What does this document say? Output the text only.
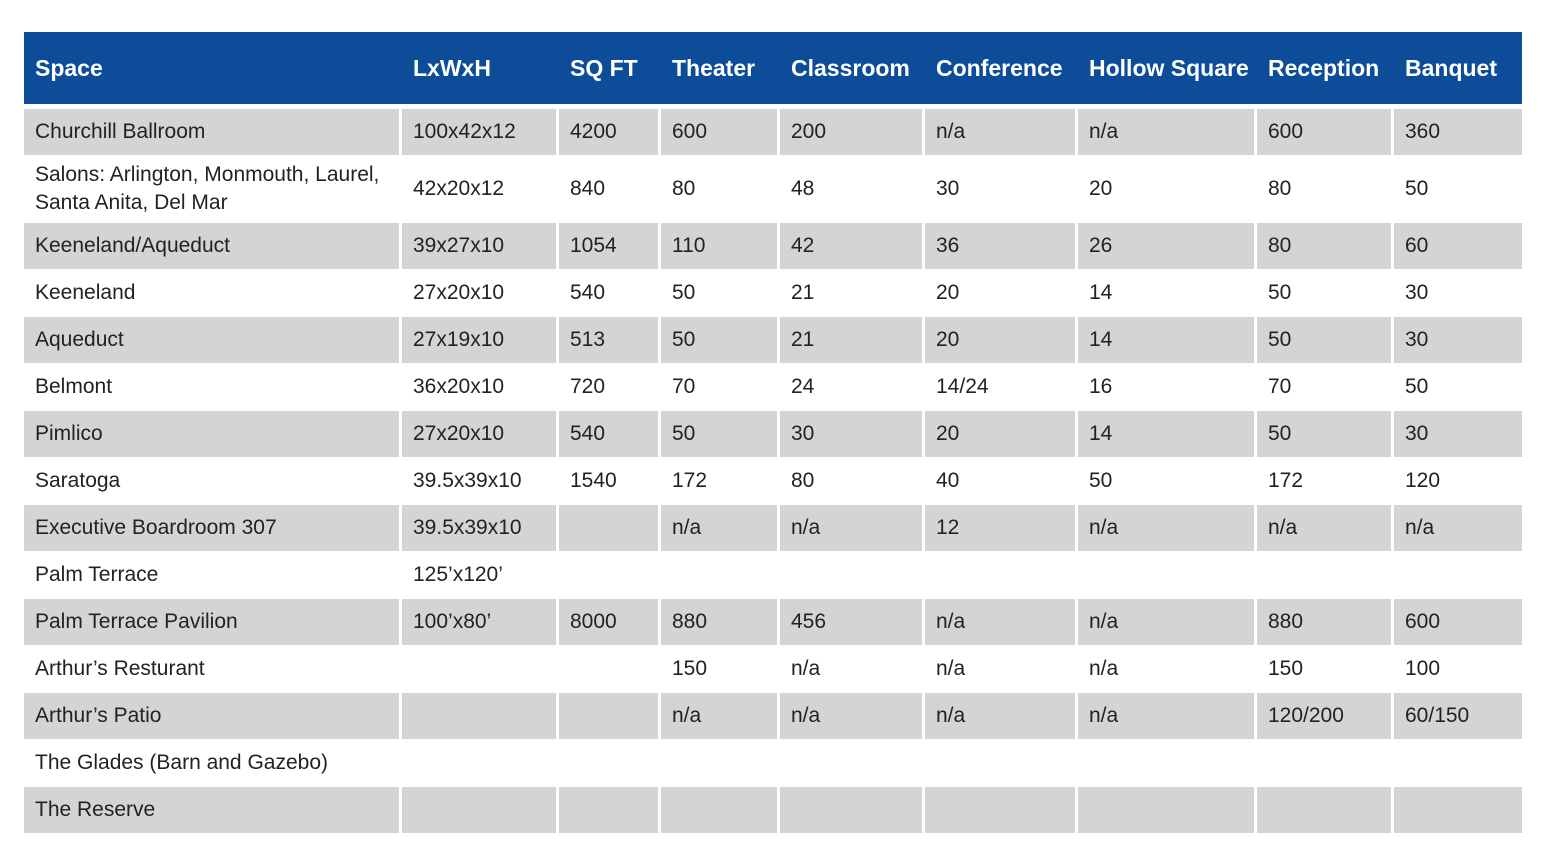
Space	LxWxH	SQ FT	Theater	Classroom	Conference	Hollow Square	Reception	Banquet
Churchill Ballroom	100x42x12	4200	600	200	n/a	n/a	600	360
Salons: Arlington, Monmouth, Laurel, Santa Anita, Del Mar	42x20x12	840	80	48	30	20	80	50
Keeneland/Aqueduct	39x27x10	1054	110	42	36	26	80	60
Keeneland	27x20x10	540	50	21	20	14	50	30
Aqueduct	27x19x10	513	50	21	20	14	50	30
Belmont	36x20x10	720	70	24	14/24	16	70	50
Pimlico	27x20x10	540	50	30	20	14	50	30
Saratoga	39.5x39x10	1540	172	80	40	50	172	120
Executive Boardroom 307	39.5x39x10		n/a	n/a	12	n/a	n/a	n/a
Palm Terrace	125’x120’							
Palm Terrace Pavilion	100’x80’	8000	880	456	n/a	n/a	880	600
Arthur’s Resturant			150	n/a	n/a	n/a	150	100
Arthur’s Patio			n/a	n/a	n/a	n/a	120/200	60/150
The Glades (Barn and Gazebo)								
The Reserve								
